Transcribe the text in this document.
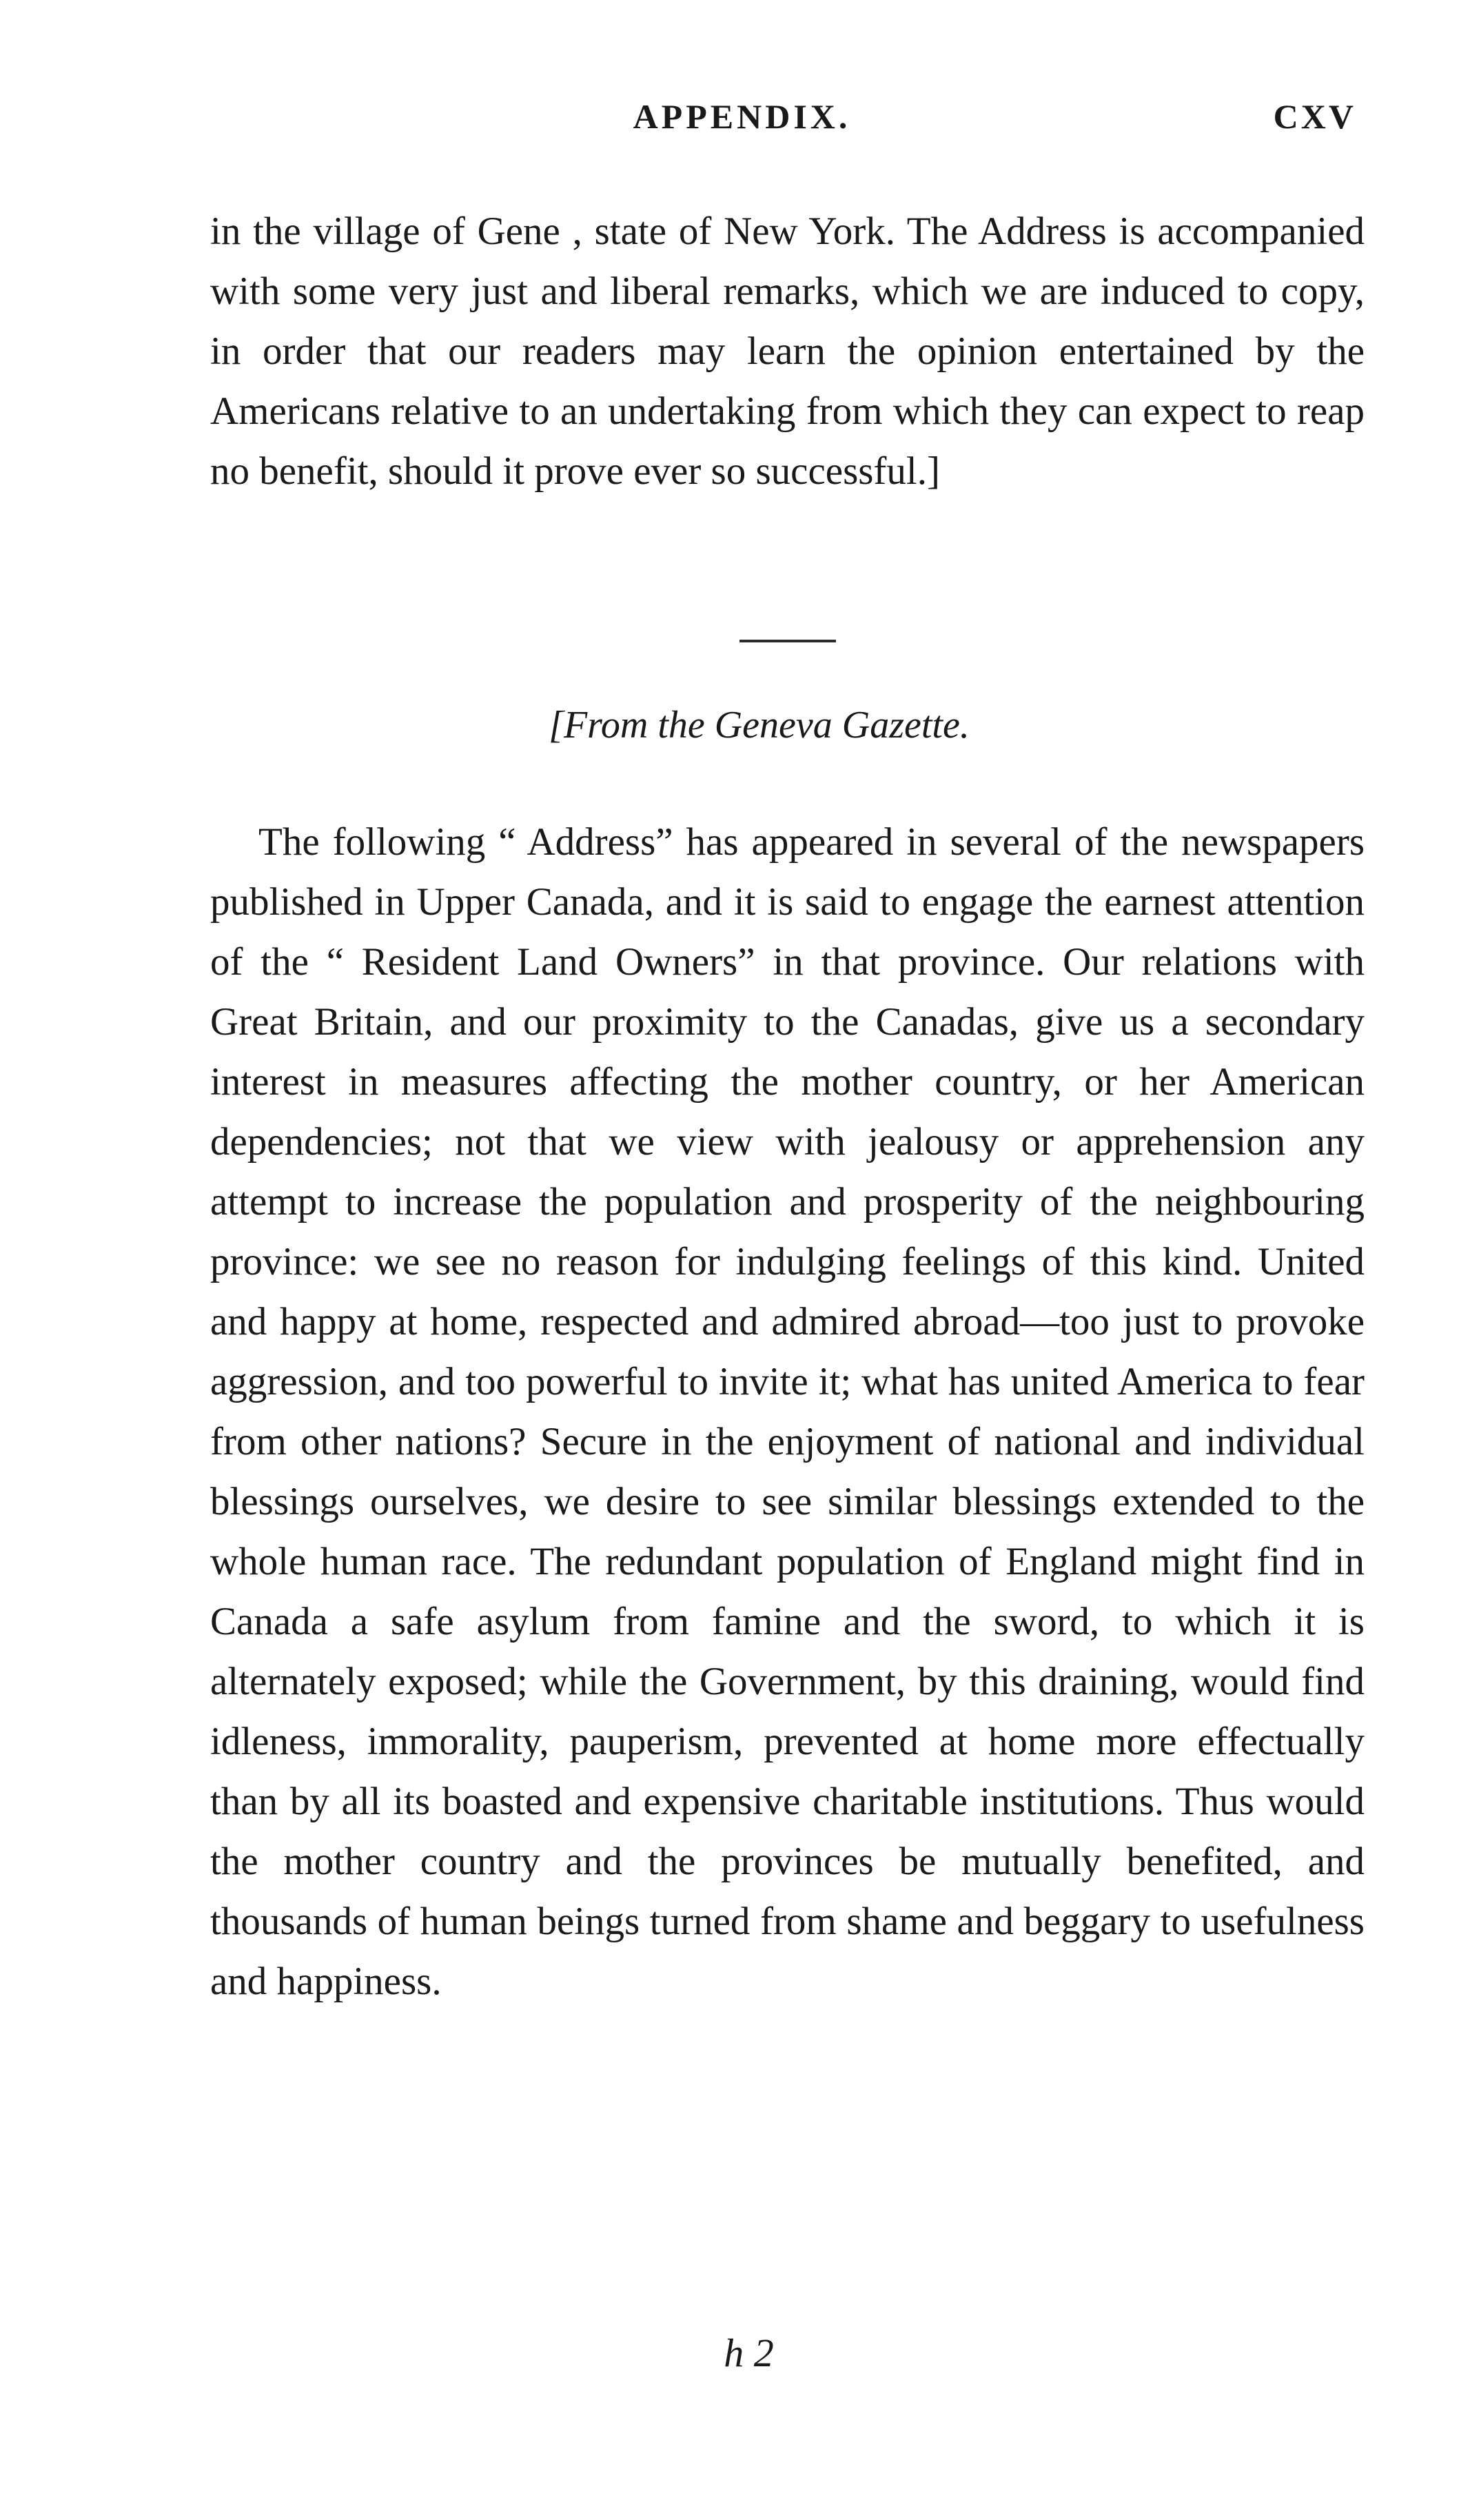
APPENDIX.	CXV

in the village of Gene , state of New York. The Address is accompanied with some very just and liberal remarks, which we are induced to copy, in order that our readers may learn the opinion entertained by the Americans relative to an undertaking from which they can expect to reap no benefit, should it prove ever so successful.]

[From the Geneva Gazette.

The following “ Address” has appeared in several of the newspapers published in Upper Canada, and it is said to engage the earnest attention of the “ Resident Land Owners” in that province. Our relations with Great Britain, and our proximity to the Canadas, give us a secondary interest in measures affecting the mother country, or her American dependencies; not that we view with jealousy or apprehension any attempt to increase the population and prosperity of the neighbouring province: we see no reason for indulging feelings of this kind. United and happy at home, respected and admired abroad—too just to provoke aggression, and too powerful to invite it; what has united America to fear from other nations? Secure in the enjoyment of national and individual blessings ourselves, we desire to see similar blessings extended to the whole human race. The redundant population of England might find in Canada a safe asylum from famine and the sword, to which it is alternately exposed; while the Government, by this draining, would find idleness, immorality, pauperism, prevented at home more effectually than by all its boasted and expensive charitable institutions. Thus would the mother country and the provinces be mutually benefited, and thousands of human beings turned from shame and beggary to usefulness and happiness.

h 2
